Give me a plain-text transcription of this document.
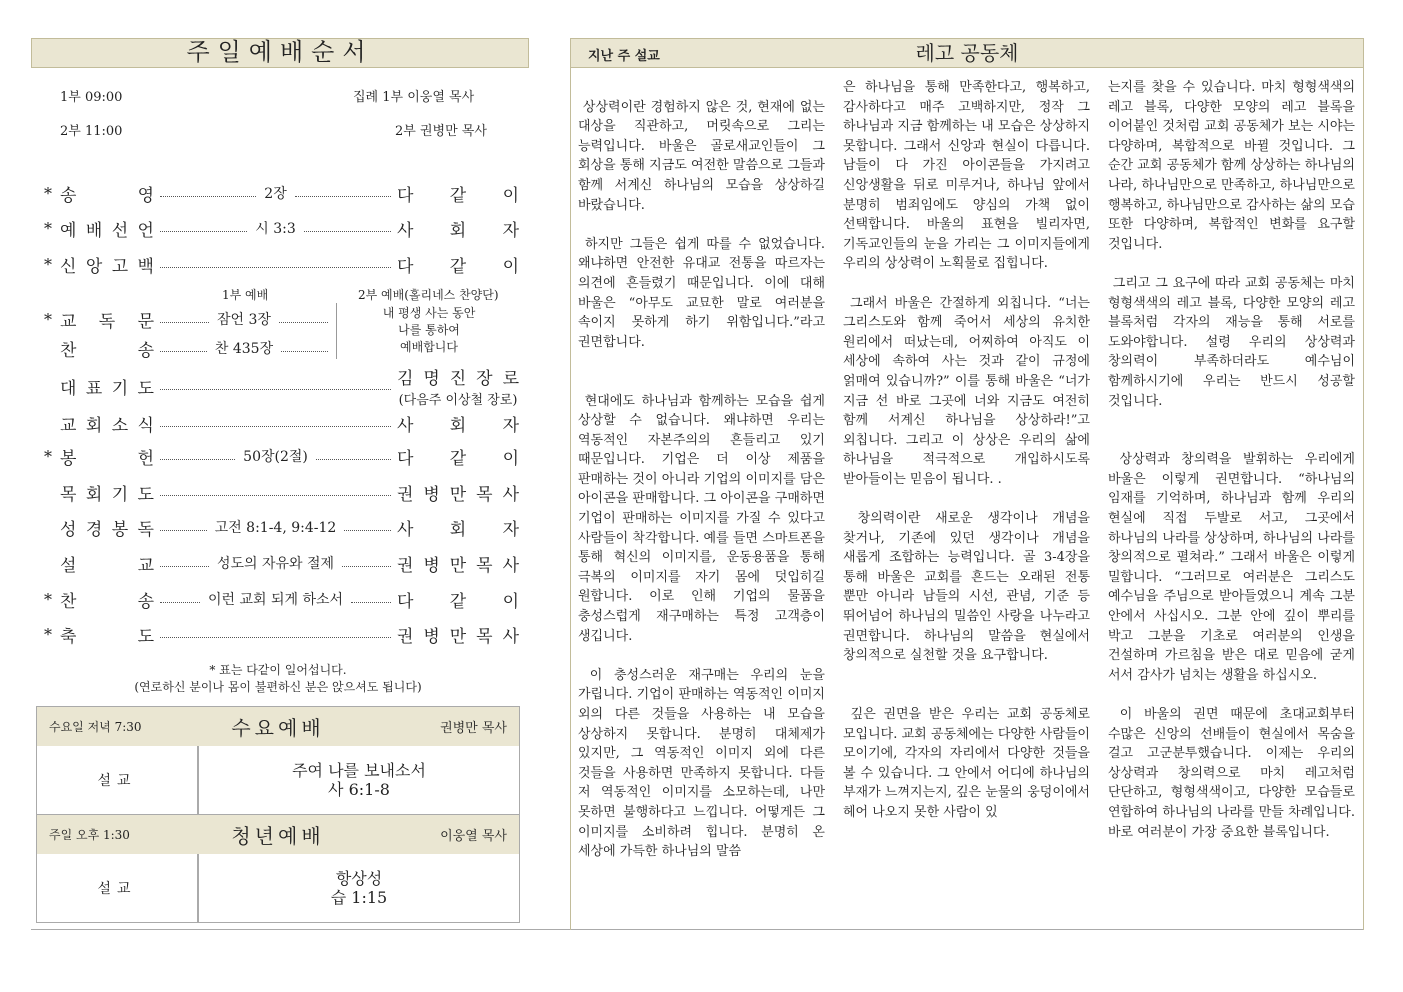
주일예배순서
1부 09:00	집례 1부 이웅열 목사
2부 11:00	2부 권병만 목사
* 송	영	2장	다 같 이
* 예 배 선 언	시 3:3	사 회 자
* 신 앙 고 백	다 같 이
1부 예배	2부 예배(홀리네스 찬양단)
내 평생 사는 동안
나를 통하여
예배합니다
* 교 독 문	잠언 3장
찬	송	찬 435장
대 표 기 도	김 명 진 장 로
(다음주 이상철 장로)
교 회 소 식	사 회 자
* 봉	헌	50장(2절)	다 같 이
목 회 기 도	권 병 만 목 사
성 경 봉 독	고전 8:1-4, 9:4-12	사 회 자
설	교	성도의 자유와 절제	권 병 만 목 사
* 찬	송	이런 교회 되게 하소서	다 같 이
* 축	도	권 병 만 목 사
* 표는 다같이 일어섭니다.
(연로하신 분이나 몸이 불편하신 분은 앉으셔도 됩니다)
수요일 저녁 7:30	수요예배	권병만 목사
설교
주여 나를 보내소서
사 6:1-8
주일 오후 1:30	청년예배	이웅열 목사
설교
항상성
습 1:15
지난 주 설교	레고 공동체

상상력이란 경험하지 않은 것, 현재에 없는 대상을 직관하고, 머릿속으로 그리는 능력입니다. 바울은 골로새교인들이 그 회상을 통해 지금도 여전한 말씀으로 그들과 함께 서계신 하나님의 모습을 상상하길 바랐습니다.

하지만 그들은 쉽게 따를 수 없었습니다. 왜냐하면 안전한 유대교 전통을 따르자는 의견에 흔들렸기 때문입니다. 이에 대해 바울은 “아무도 교묘한 말로 여러분을 속이지 못하게 하기 위함입니다.”라고 권면합니다.

현대에도 하나님과 함께하는 모습을 쉽게 상상할 수 없습니다. 왜냐하면 우리는 역동적인 자본주의의 흔들리고 있기 때문입니다. 기업은 더 이상 제품을 판매하는 것이 아니라 기업의 이미지를 담은 아이콘을 판매합니다. 그 아이콘을 구매하면 기업이 판매하는 이미지를 가질 수 있다고 사람들이 착각합니다. 예를 들면 스마트폰을 통해 혁신의 이미지를, 운동용품을 통해 극복의 이미지를 자기 몸에 덧입히길 원합니다. 이로 인해 기업의 물품을 충성스럽게 재구매하는 특정 고객층이 생깁니다.

이 충성스러운 재구매는 우리의 눈을 가립니다. 기업이 판매하는 역동적인 이미지 외의 다른 것들을 사용하는 내 모습을 상상하지 못합니다. 분명히 대체제가 있지만, 그 역동적인 이미지 외에 다른 것들을 사용하면 만족하지 못합니다. 다들 저 역동적인 이미지를 소모하는데, 나만 못하면 불행하다고 느낍니다. 어떻게든 그 이미지를 소비하려 힙니다. 분명히 온 세상에 가득한 하나님의 말씀

은 하나님을 통해 만족한다고, 행복하고, 감사하다고 매주 고백하지만, 정작 그 하나님과 지금 함께하는 내 모습은 상상하지 못합니다. 그래서 신앙과 현실이 다릅니다. 남들이 다 가진 아이콘들을 가지려고 신앙생활을 뒤로 미루거나, 하나님 앞에서 분명히 범죄임에도 양심의 가책 없이 선택합니다. 바울의 표현을 빌리자면, 기독교인들의 눈을 가리는 그 이미지들에게 우리의 상상력이 노획물로 집힙니다.

그래서 바울은 간절하게 외칩니다. “너는 그리스도와 함께 죽어서 세상의 유치한 원리에서 떠났는데, 어찌하여 아직도 이 세상에 속하여 사는 것과 같이 규정에 얽매여 있습니까?” 이를 통해 바울은 “너가 지금 선 바로 그곳에 너와 지금도 여전히 함께 서계신 하나님을 상상하라!”고 외칩니다. 그리고 이 상상은 우리의 삶에 하나님을 적극적으로 개입하시도록 받아들이는 믿음이 됩니다. .

창의력이란 새로운 생각이나 개념을 찾거나, 기존에 있던 생각이나 개념을 새롭게 조합하는 능력입니다. 골 3-4장을 통해 바울은 교회를 흔드는 오래된 전통 뿐만 아니라 남들의 시선, 관념, 기준 등 뛰어넘어 하나님의 밀씀인 사랑을 나누라고 권면합니다. 하나님의 말씀을 현실에서 창의적으로 실천할 것을 요구합니다.

깊은 권면을 받은 우리는 교회 공동체로 모입니다. 교회 공동체에는 다양한 사람들이 모이기에, 각자의 자리에서 다양한 것들을 볼 수 있습니다. 그 안에서 어디에 하나님의 부재가 느껴지는지, 깊은 눈물의 웅덩이에서 헤어 나오지 못한 사람이 있

는지를 찾을 수 있습니다. 마치 형형색색의 레고 블록, 다양한 모양의 레고 블록을 이어붙인 것처럼 교회 공동체가 보는 시야는 다양하며, 복합적으로 바뀔 것입니다. 그 순간 교회 공동체가 함께 상상하는 하나님의 나라, 하나님만으로 만족하고, 하나님만으로 행복하고, 하나님만으로 감사하는 삶의 모습 또한 다양하며, 복합적인 변화를 요구할 것입니다.

그리고 그 요구에 따라 교회 공동체는 마치 형형색색의 레고 블록, 다양한 모양의 레고 블록처럼 각자의 재능을 통해 서로를 도와야합니다. 설령 우리의 상상력과 창의력이 부족하더라도 예수님이 함께하시기에 우리는 반드시 성공할 것입니다.

상상력과 창의력을 발휘하는 우리에게 바울은 이렇게 권면합니다. “하나님의 임재를 기억하며, 하나님과 함께 우리의 현실에 직접 두발로 서고, 그곳에서 하나님의 나라를 상상하며, 하나님의 나라를 창의적으로 펼쳐라.” 그래서 바울은 이렇게 밀합니다. “그러므로 여러분은 그리스도 예수님을 주님으로 받아들였으니 계속 그분 안에서 사십시오. 그분 안에 깊이 뿌리를 박고 그분을 기초로 여러분의 인생을 건설하며 가르침을 받은 대로 믿음에 굳게 서서 감사가 넘치는 생활을 하십시오.

이 바울의 권면 때문에 초대교회부터 수많은 신앙의 선배들이 현실에서 목숨을 걸고 고군분투했습니다. 이제는 우리의 상상력과 창의력으로 마치 레고처럼 단단하고, 형형색색이고, 다양한 모습들로 연합하여 하나님의 나라를 만들 차례입니다. 바로 여러분이 가장 중요한 블록입니다.
